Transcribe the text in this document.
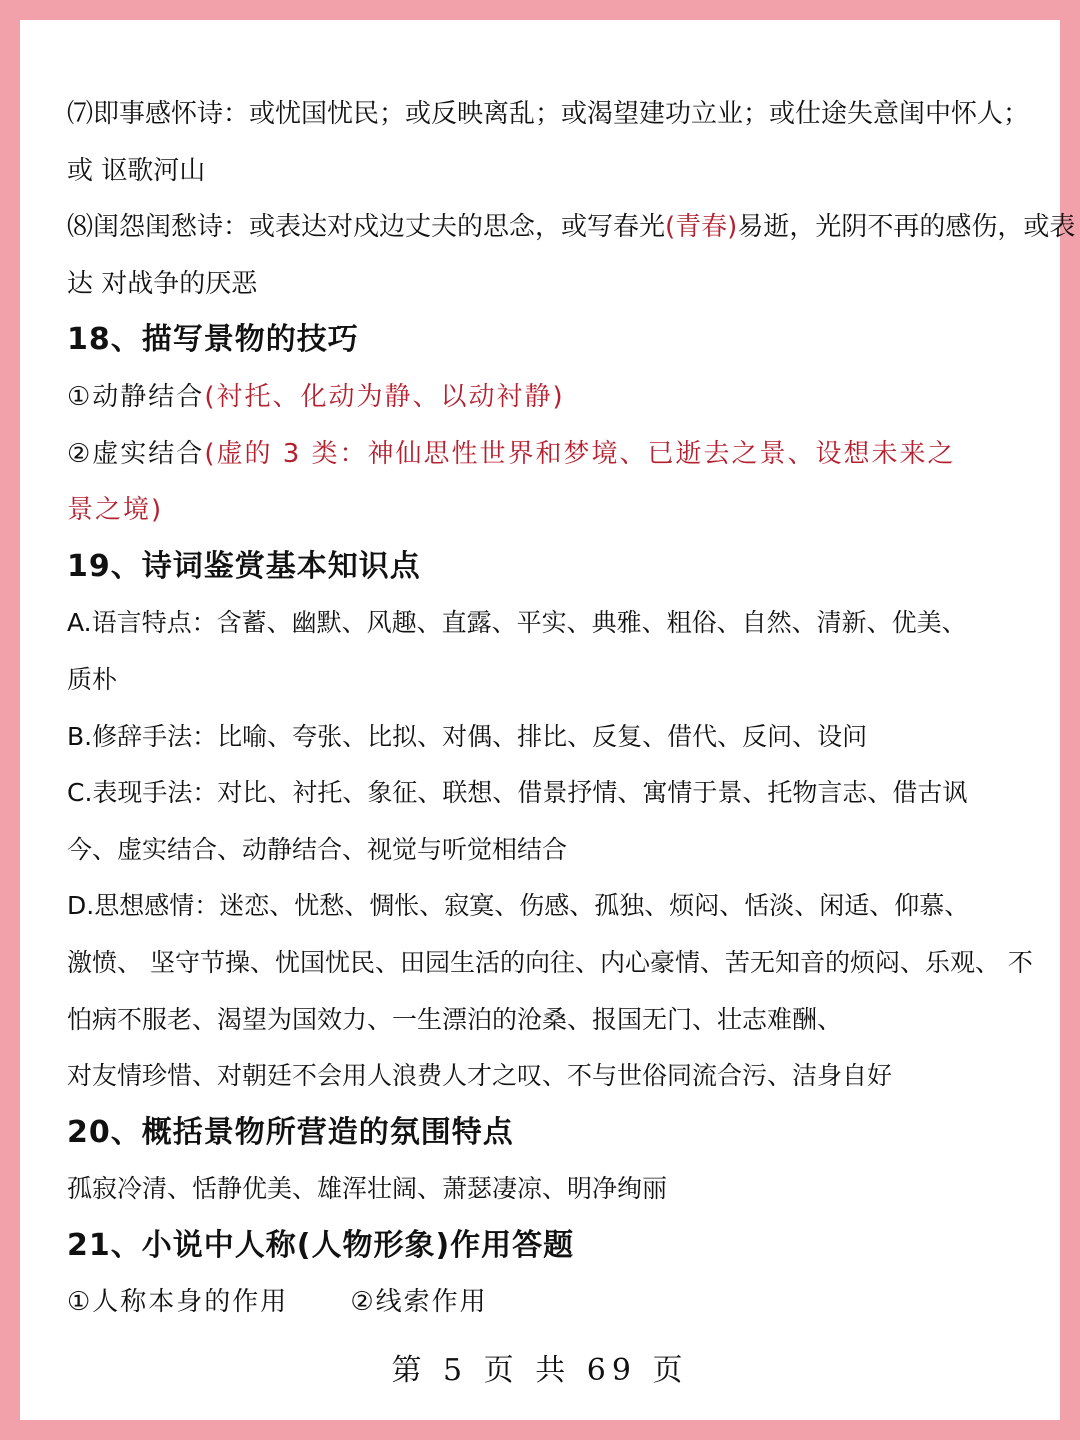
⑺即事感怀诗：或忧国忧民；或反映离乱；或渴望建功立业；或仕途失意闺中怀人；
或 讴歌河山
⑻闺怨闺愁诗：或表达对戍边丈夫的思念，或写春光(青春)易逝，光阴不再的感伤，或表
达 对战争的厌恶
18、描写景物的技巧
①动静结合(衬托、化动为静、以动衬静)
②虚实结合(虚的 3 类：神仙思性世界和梦境、已逝去之景、设想未来之
景之境)
19、诗词鉴赏基本知识点
A.语言特点：含蓄、幽默、风趣、直露、平实、典雅、粗俗、自然、清新、优美、
质朴
B.修辞手法：比喻、夸张、比拟、对偶、排比、反复、借代、反问、设问
C.表现手法：对比、衬托、象征、联想、借景抒情、寓情于景、托物言志、借古讽
今、虚实结合、动静结合、视觉与听觉相结合
D.思想感情：迷恋、忧愁、惆怅、寂寞、伤感、孤独、烦闷、恬淡、闲适、仰慕、
激愤、 坚守节操、忧国忧民、田园生活的向往、内心豪情、苦无知音的烦闷、乐观、 不
怕病不服老、渴望为国效力、一生漂泊的沧桑、报国无门、壮志难酬、
对友情珍惜、对朝廷不会用人浪费人才之叹、不与世俗同流合污、洁身自好
20、概括景物所营造的氛围特点
孤寂冷清、恬静优美、雄浑壮阔、萧瑟凄凉、明净绚丽
21、小说中人称(人物形象)作用答题
①人称本身的作用 ②线索作用
第 5 页 共 69 页
